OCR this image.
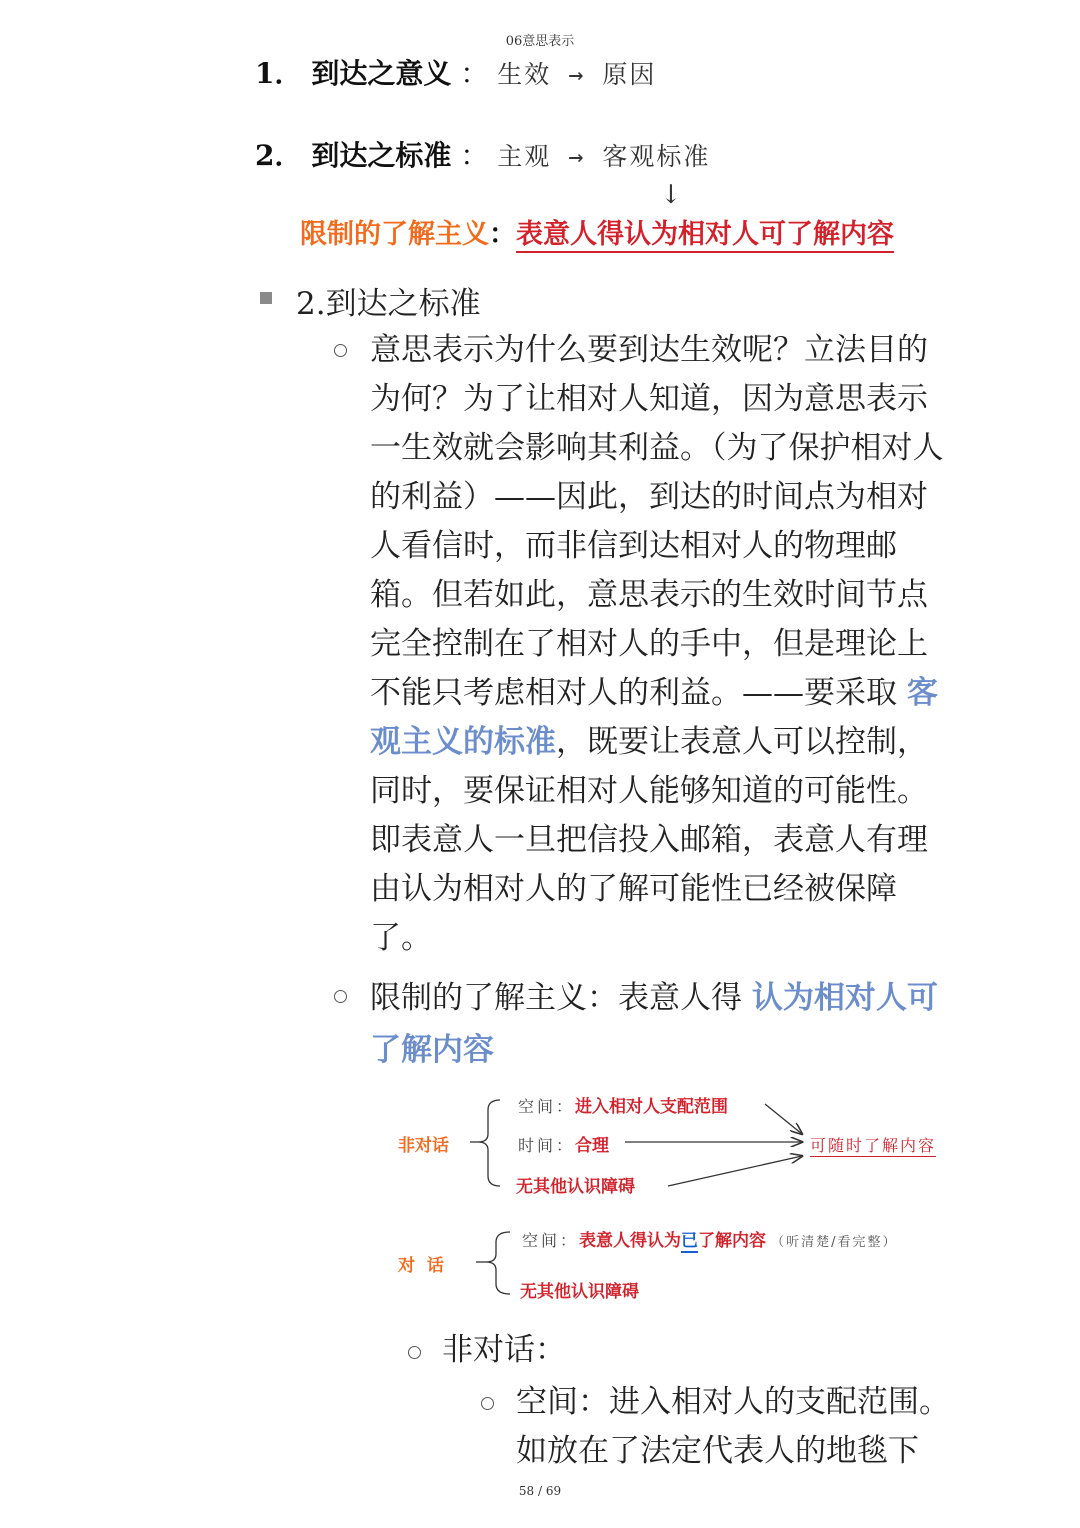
06意思表示
1． 到达之意义 ： 生效 → 原因
2． 到达之标准 ： 主观 → 客观标准
↓
限制的了解主义：表意人得认为相对人可了解内容
2.到达之标准
意思表示为什么要到达生效呢？立法目的
为何？为了让相对人知道，因为意思表示
一生效就会影响其利益。（为了保护相对人
的利益）——因此，到达的时间点为相对
人看信时，而非信到达相对人的物理邮
箱。但若如此，意思表示的生效时间节点
完全控制在了相对人的手中，但是理论上
不能只考虑相对人的利益。——要采取 客
观主义的标准，既要让表意人可以控制，
同时，要保证相对人能够知道的可能性。
即表意人一旦把信投入邮箱，表意人有理
由认为相对人的了解可能性已经被保障
了。
限制的了解主义：表意人得 认为相对人可
了解内容
非对话
空间：进入相对人支配范围
时间：合理
无其他认识障碍
可随时了解内容
对  话
空间：表意人得认为已了解内容 （听清楚/看完整）
无其他认识障碍
非对话：
空间：进入相对人的支配范围。
如放在了法定代表人的地毯下
58 / 69
